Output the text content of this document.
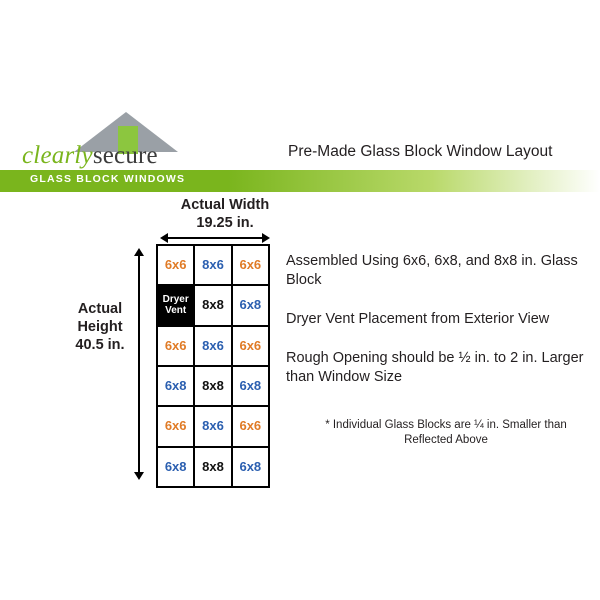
clearlysecure
GLASS BLOCK WINDOWS
Pre-Made Glass Block Window Layout
Actual Width
19.25 in.
Actual
Height
40.5 in.
6x6 8x6 6x6
Dryer
Vent 8x8 6x8
6x6 8x6 6x6
6x8 8x8 6x8
6x6 8x6 6x6
6x8 8x8 6x8
Assembled Using 6x6, 6x8, and 8x8 in. Glass Block
Dryer Vent Placement from Exterior View
Rough Opening should be ½ in. to 2 in. Larger than Window Size
* Individual Glass Blocks are ¼ in. Smaller than Reflected Above
